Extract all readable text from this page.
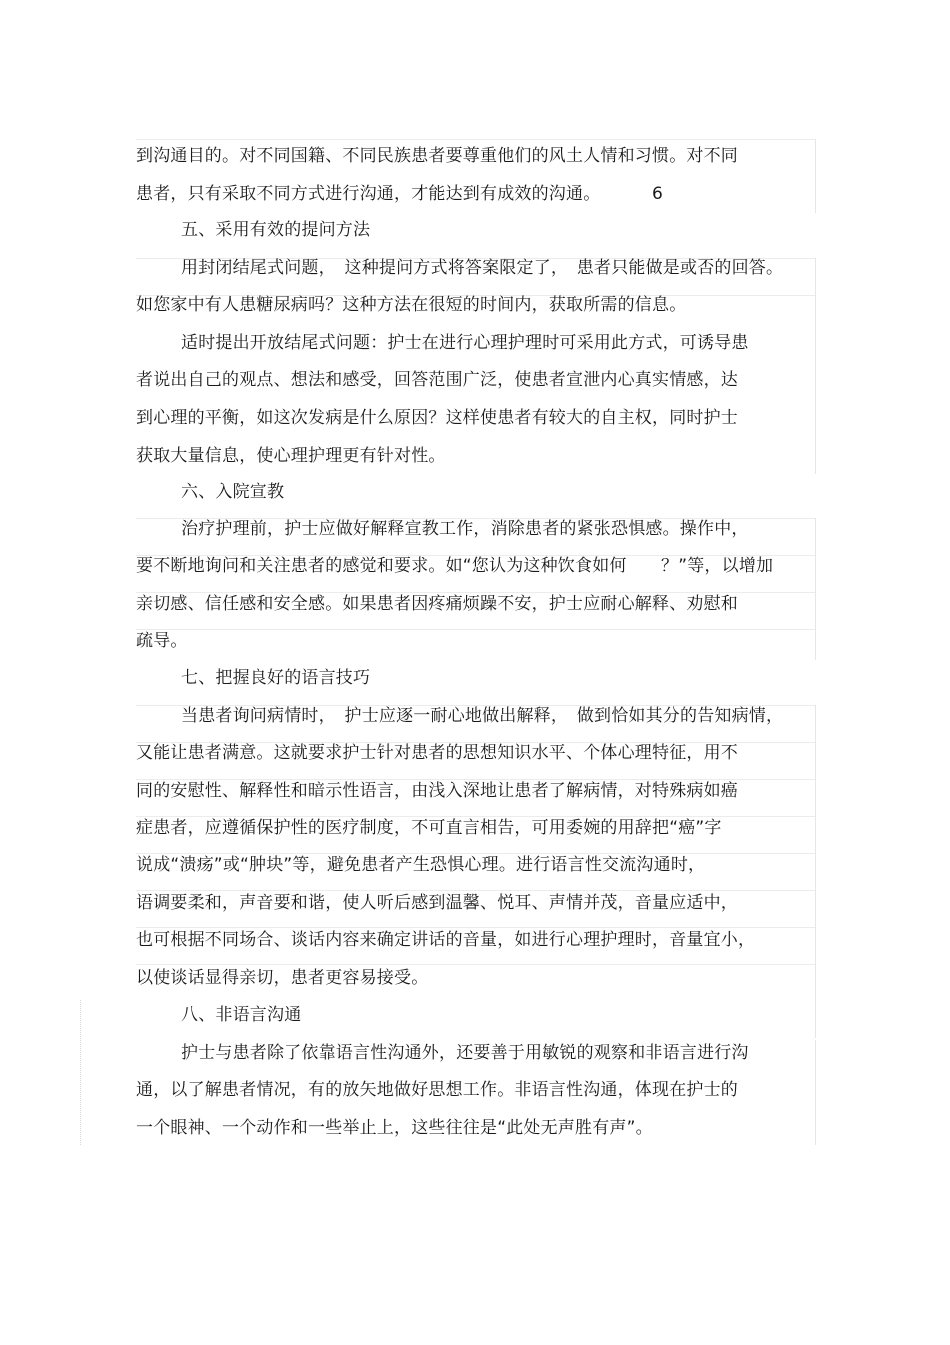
到沟通目的。对不同国籍、不同民族患者要尊重他们的风土人情和习惯。对不同
患者，只有采取不同方式进行沟通，才能达到有成效的沟通。	6
五、采用有效的提问方法
用封闭结尾式问题，　这种提问方式将答案限定了，　患者只能做是或否的回答。
如您家中有人患糖尿病吗？这种方法在很短的时间内，获取所需的信息。
适时提出开放结尾式问题：护士在进行心理护理时可采用此方式，可诱导患
者说出自己的观点、想法和感受，回答范围广泛，使患者宣泄内心真实情感，达
到心理的平衡，如这次发病是什么原因？这样使患者有较大的自主权，同时护士
获取大量信息，使心理护理更有针对性。
六、入院宣教
治疗护理前，护士应做好解释宣教工作，消除患者的紧张恐惧感。操作中，
要不断地询问和关注患者的感觉和要求。如“您认为这种饮食如何　　？”等，以增加
亲切感、信任感和安全感。如果患者因疼痛烦躁不安，护士应耐心解释、劝慰和
疏导。
七、把握良好的语言技巧
当患者询问病情时，　护士应逐一耐心地做出解释，　做到恰如其分的告知病情，
又能让患者满意。这就要求护士针对患者的思想知识水平、个体心理特征，用不
同的安慰性、解释性和暗示性语言，由浅入深地让患者了解病情，对特殊病如癌
症患者，应遵循保护性的医疗制度，不可直言相告，可用委婉的用辞把“癌”字
说成“溃疡”或“肿块”等，避免患者产生恐惧心理。进行语言性交流沟通时，
语调要柔和，声音要和谐，使人听后感到温馨、悦耳、声情并茂，音量应适中，
也可根据不同场合、谈话内容来确定讲话的音量，如进行心理护理时，音量宜小，
以使谈话显得亲切，患者更容易接受。
八、非语言沟通
护士与患者除了依靠语言性沟通外，还要善于用敏锐的观察和非语言进行沟
通，以了解患者情况，有的放矢地做好思想工作。非语言性沟通，体现在护士的
一个眼神、一个动作和一些举止上，这些往往是“此处无声胜有声”。
